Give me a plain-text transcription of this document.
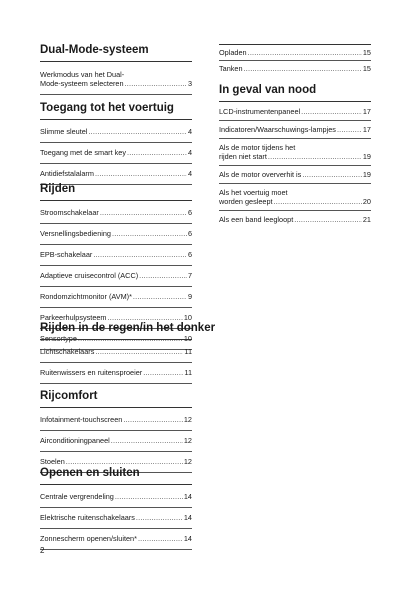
Dual-Mode-systeem
Werkmodus van het Dual-
Mode-systeem selecteren .....	3
Toegang tot het voertuig
Slimme sleutel .....	4
Toegang met de smart key .....	4
Antidiefstalalarm .....	4
Rijden
Stroomschakelaar .....	6
Versnellingsbediening .....	6
EPB-schakelaar .....	6
Adaptieve cruisecontrol (ACC) .....	7
Rondomzichtmonitor (AVM)* .....	9
Parkeerhulpsysteem .....	10
Sensortype .....	10
Rijden in de regen/in het donker
Lichtschakelaars .....	11
Ruitenwissers en ruitensproeier .....	11
Rijcomfort
Infotainment-touchscreen .....	12
Airconditioningpaneel .....	12
Stoelen .....	12
Openen en sluiten
Centrale vergrendeling .....	14
Elektrische ruitenschakelaars .....	14
Zonnescherm openen/sluiten* .....	14
Opladen .....	15
Tanken .....	15
In geval van nood
LCD-instrumentenpaneel .....	17
Indicatoren/Waarschuwings-lampjes .....	17
Als de motor tijdens het
rijden niet start .....	19
Als de motor oververhit is .....	19
Als het voertuig moet
worden gesleept .....	20
Als een band leegloopt .....	21
2
